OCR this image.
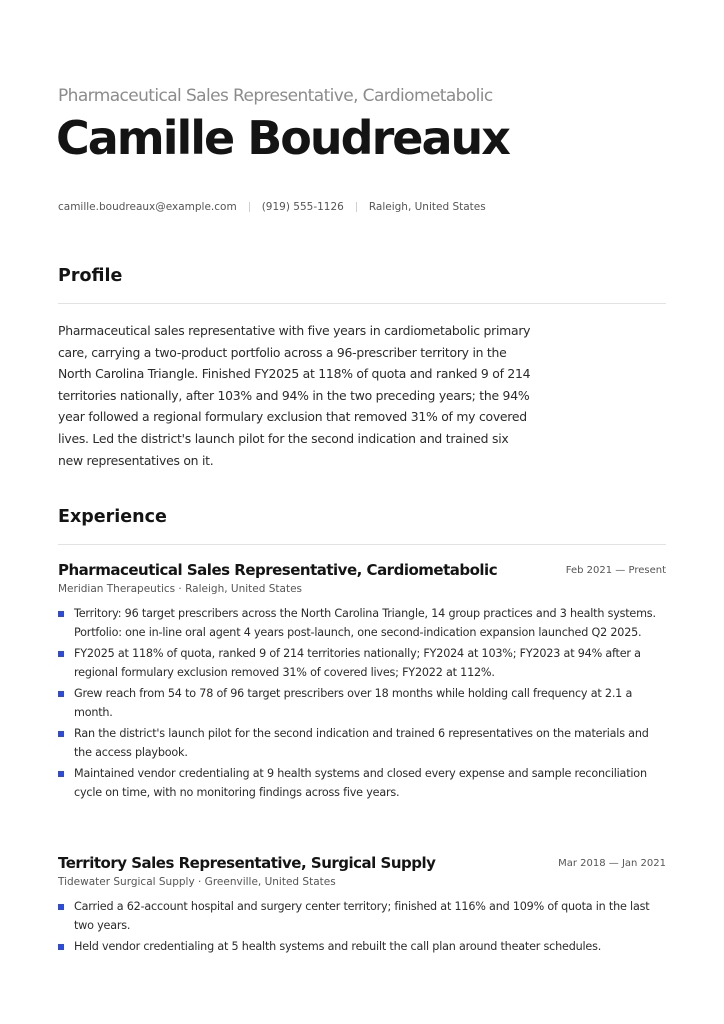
Pharmaceutical Sales Representative, Cardiometabolic
Camille Boudreaux
camille.boudreaux@example.com (919) 555-1126 Raleigh, United States
Profile
Pharmaceutical sales representative with five years in cardiometabolic primary care, carrying a two-product portfolio across a 96-prescriber territory in the North Carolina Triangle. Finished FY2025 at 118% of quota and ranked 9 of 214 territories nationally, after 103% and 94% in the two preceding years; the 94% year followed a regional formulary exclusion that removed 31% of my covered lives. Led the district's launch pilot for the second indication and trained six new representatives on it.
Experience
Pharmaceutical Sales Representative, Cardiometabolic	Feb 2021 — Present
Meridian Therapeutics · Raleigh, United States
Territory: 96 target prescribers across the North Carolina Triangle, 14 group practices and 3 health systems. Portfolio: one in-line oral agent 4 years post-launch, one second-indication expansion launched Q2 2025.
FY2025 at 118% of quota, ranked 9 of 214 territories nationally; FY2024 at 103%; FY2023 at 94% after a regional formulary exclusion removed 31% of covered lives; FY2022 at 112%.
Grew reach from 54 to 78 of 96 target prescribers over 18 months while holding call frequency at 2.1 a month.
Ran the district's launch pilot for the second indication and trained 6 representatives on the materials and the access playbook.
Maintained vendor credentialing at 9 health systems and closed every expense and sample reconciliation cycle on time, with no monitoring findings across five years.
Territory Sales Representative, Surgical Supply	Mar 2018 — Jan 2021
Tidewater Surgical Supply · Greenville, United States
Carried a 62-account hospital and surgery center territory; finished at 116% and 109% of quota in the last two years.
Held vendor credentialing at 5 health systems and rebuilt the call plan around theater schedules.
